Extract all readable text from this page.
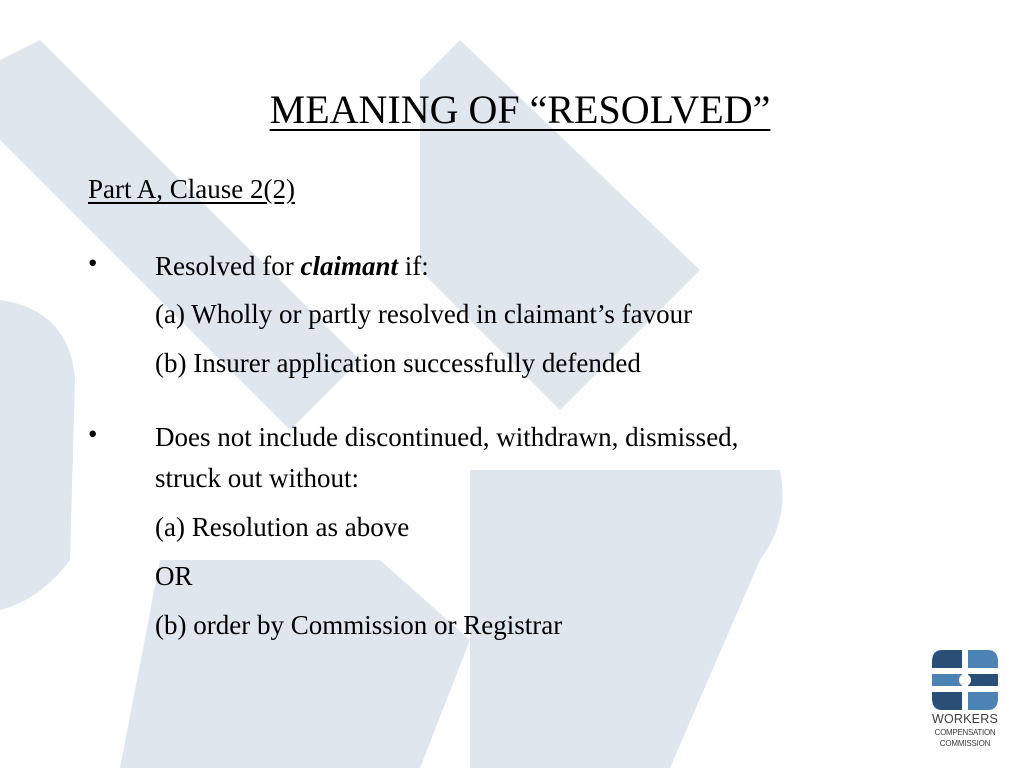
MEANING OF “RESOLVED”
Part A, Clause 2(2)
• Resolved for claimant if:
(a) Wholly or partly resolved in claimant’s favour
(b) Insurer application successfully defended
• Does not include discontinued, withdrawn, dismissed,
struck out without:
(a) Resolution as above
OR
(b) order by Commission or Registrar
WORKERS
COMPENSATION
COMMISSION
